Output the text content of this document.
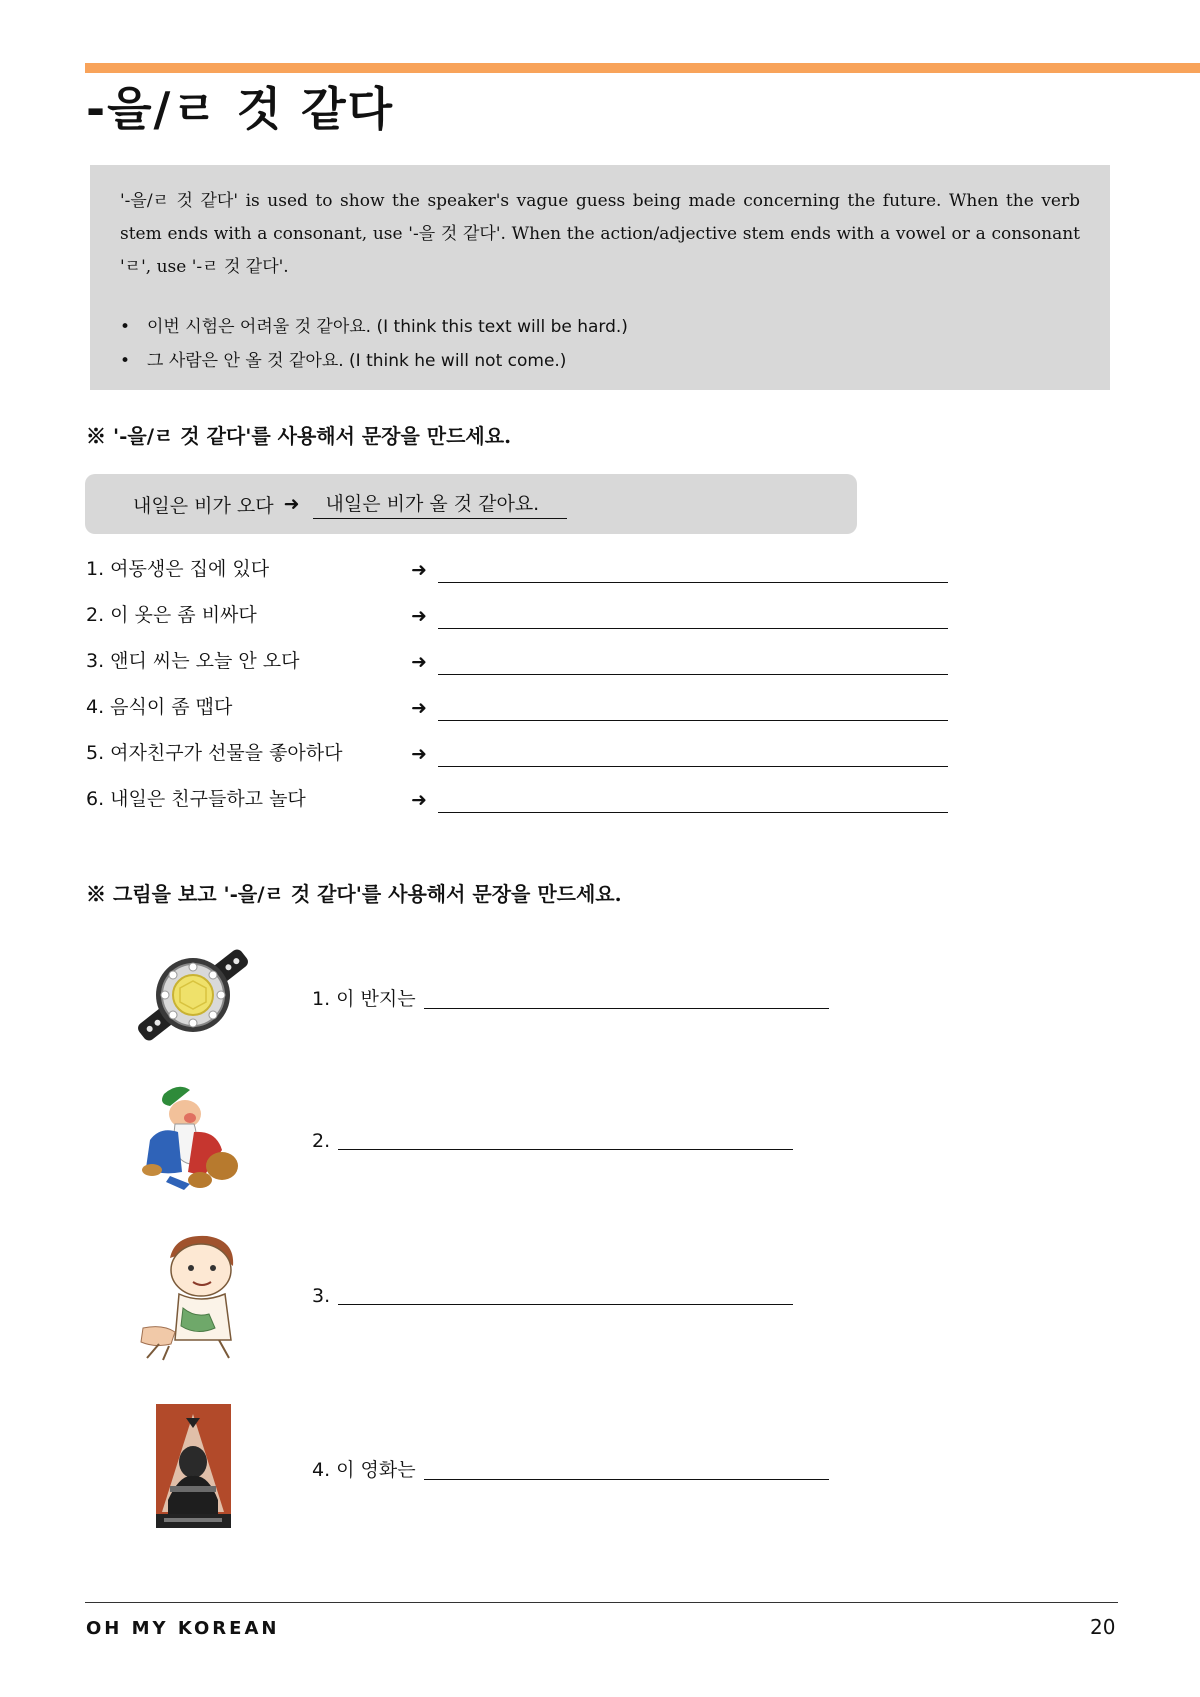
-을/ㄹ 것 같다

'-을/ㄹ 것 같다' is used to show the speaker's vague guess being made concerning the future. When the verb stem ends with a consonant, use '-을 것 같다'. When the action/adjective stem ends with a vowel or a consonant 'ㄹ', use '-ㄹ 것 같다'.

• 이번 시험은 어려울 것 같아요. (I think this text will be hard.)
• 그 사람은 안 올 것 같아요. (I think he will not come.)
※ '-을/ㄹ 것 같다'를 사용해서 문장을 만드세요.
내일은 비가 오다 ➜	내일은 비가 올 것 같아요.
1. 여동생은 집에 있다	➜
2. 이 옷은 좀 비싸다	➜
3. 앤디 씨는 오늘 안 오다	➜
4. 음식이 좀 맵다	➜
5. 여자친구가 선물을 좋아하다	➜
6. 내일은 친구들하고 놀다	➜
※ 그림을 보고 '-을/ㄹ 것 같다'를 사용해서 문장을 만드세요.
1. 이 반지는
2.
3.
4. 이 영화는
OH MY KOREAN	20
